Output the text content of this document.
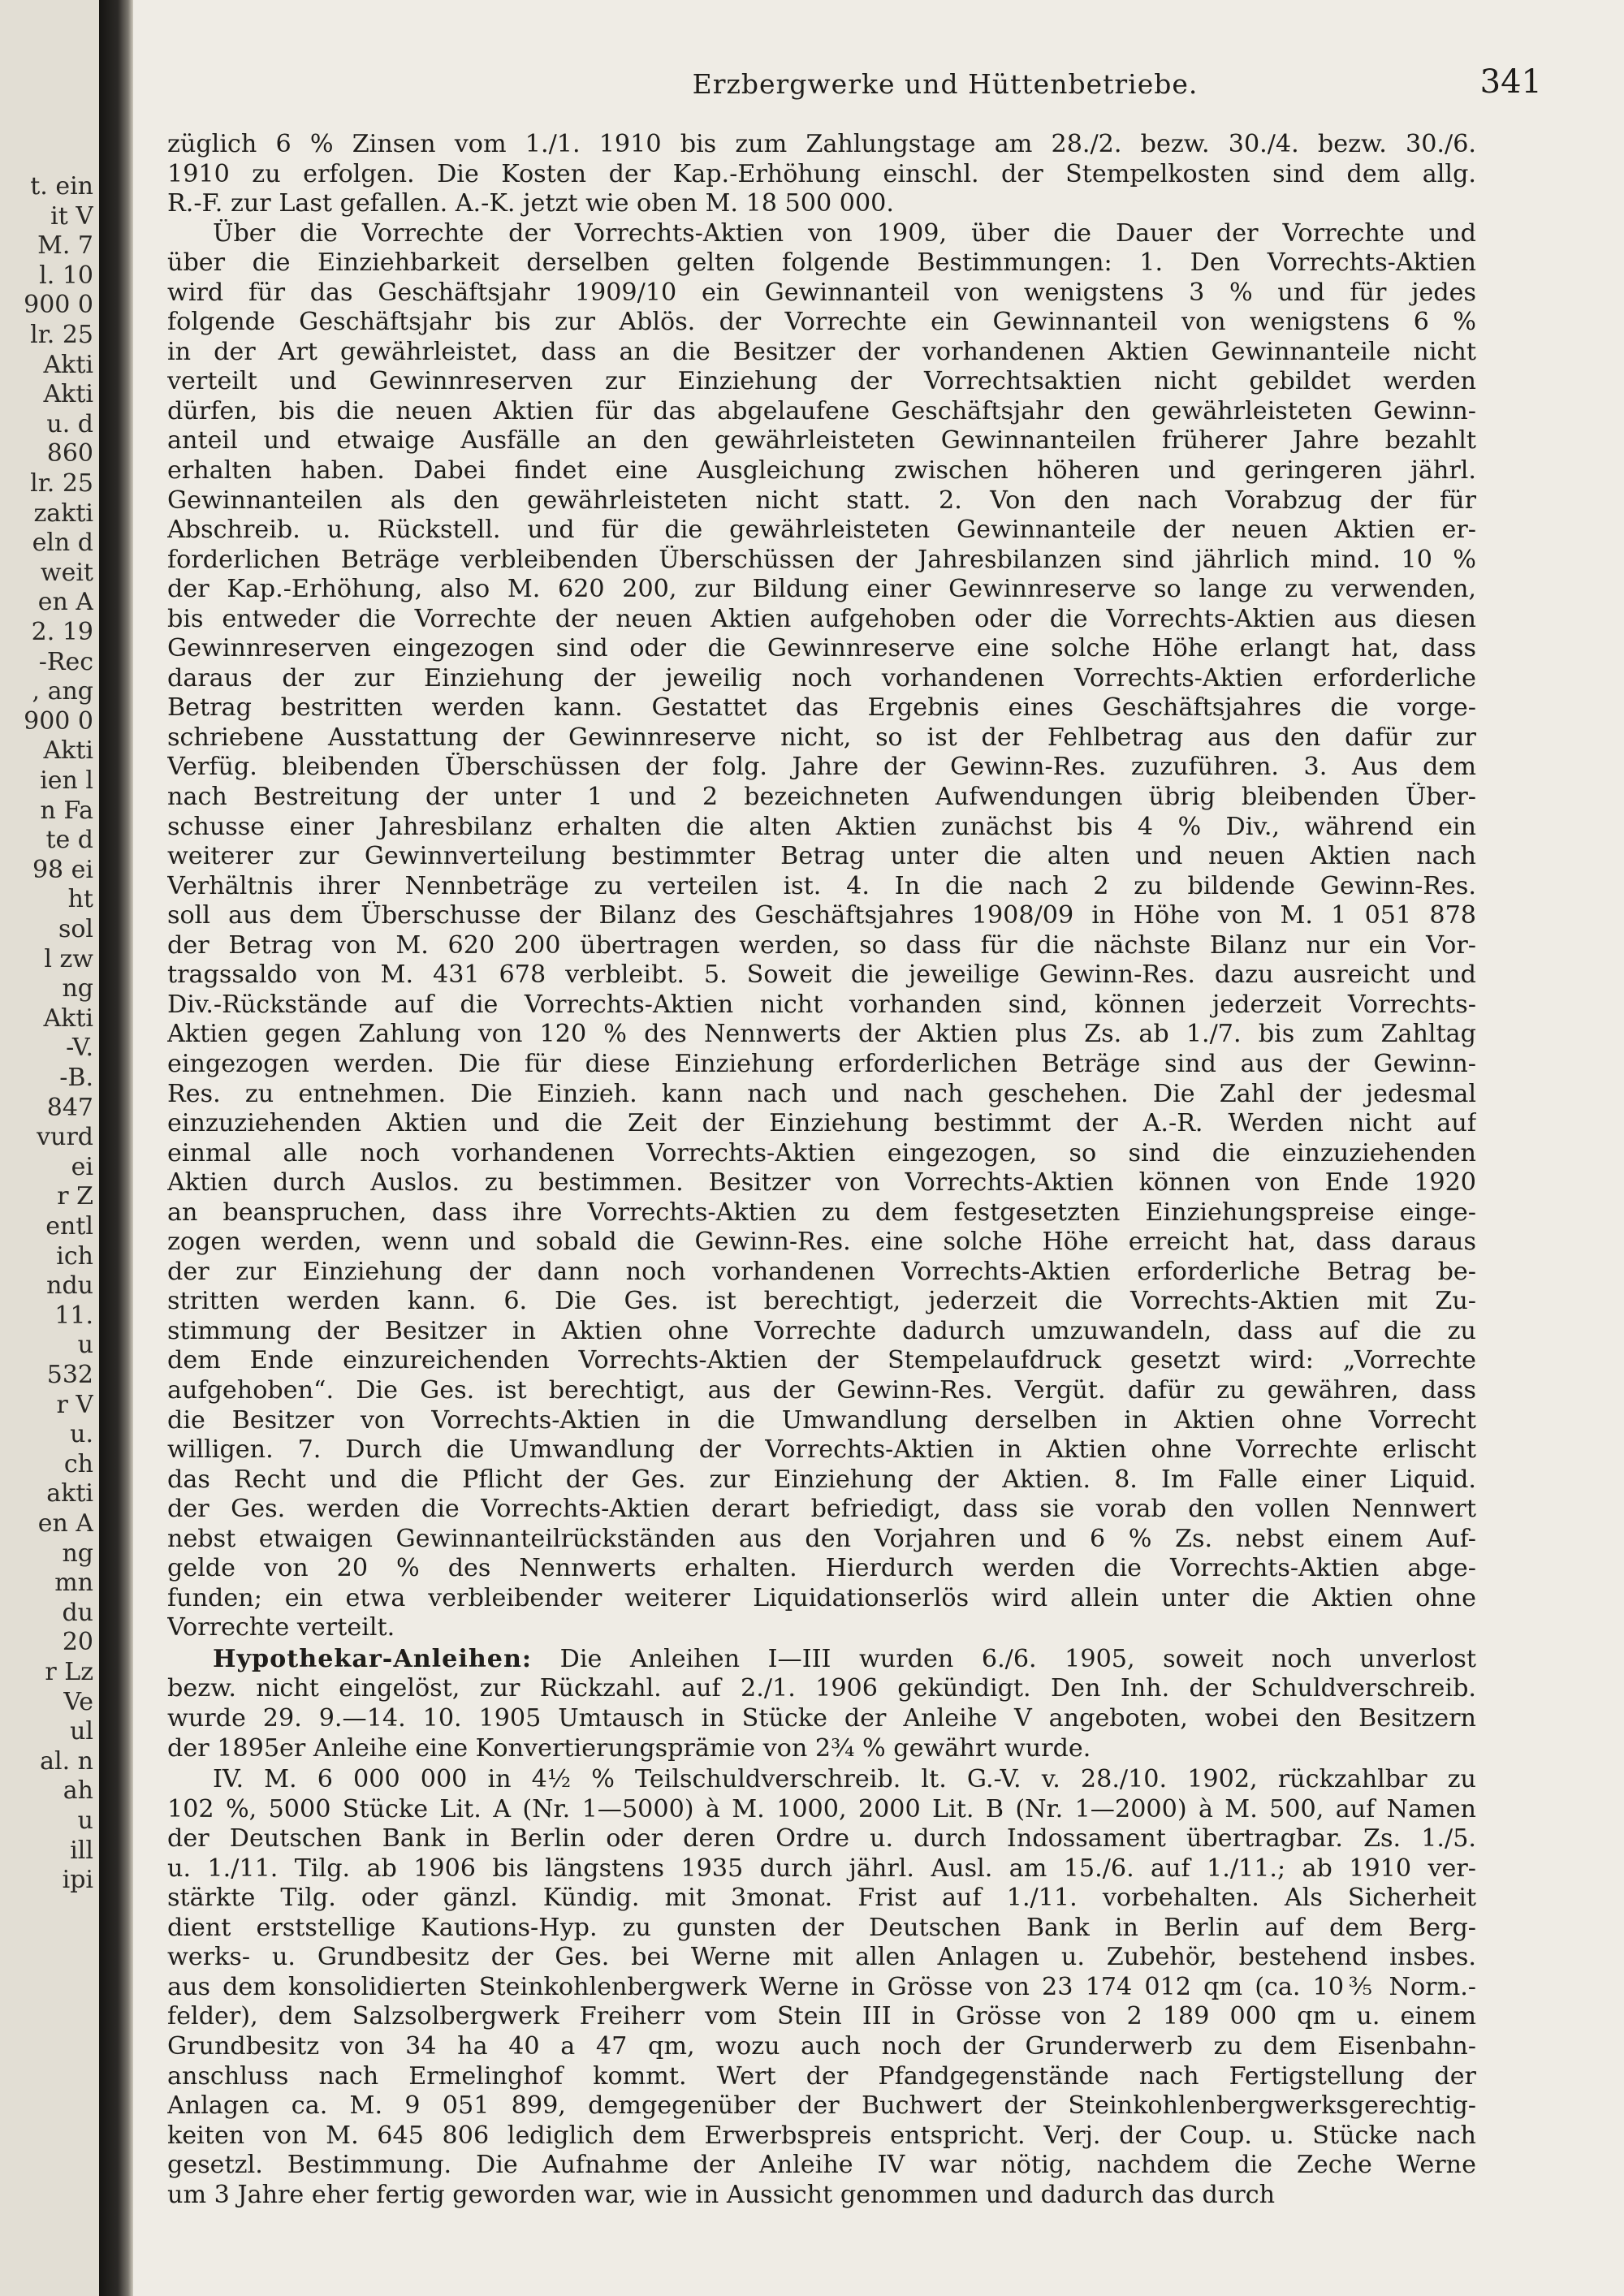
t. ein
it V
M. 7
l. 10
900 0
lr. 25
Akti
Akti
u. d
860
lr. 25
zakti
eln d
weit
en A
2. 19
-Rec
, ang
900 0
Akti
ien l
n Fa
te d
98 ei
ht
sol
l zw
ng
Akti
-V.
-B.
847
vurd
ei
r Z
entl
ich
ndu
11.
u
532
r V
u.
ch
akti
en A
ng
mn
du
20
r Lz
Ve
ul
al. n
ah
u
ill
ipi
Erzbergwerke und Hüttenbetriebe.	341
züglich 6 % Zinsen vom 1./1. 1910 bis zum Zahlungstage am 28./2. bezw. 30./4. bezw. 30./6.
1910 zu erfolgen. Die Kosten der Kap.-Erhöhung einschl. der Stempelkosten sind dem allg.
R.-F. zur Last gefallen. A.-K. jetzt wie oben M. 18 500 000.
Über die Vorrechte der Vorrechts-Aktien von 1909, über die Dauer der Vorrechte und
über die Einziehbarkeit derselben gelten folgende Bestimmungen: 1. Den Vorrechts-Aktien
wird für das Geschäftsjahr 1909/10 ein Gewinnanteil von wenigstens 3 % und für jedes
folgende Geschäftsjahr bis zur Ablös. der Vorrechte ein Gewinnanteil von wenigstens 6 %
in der Art gewährleistet, dass an die Besitzer der vorhandenen Aktien Gewinnanteile nicht
verteilt und Gewinnreserven zur Einziehung der Vorrechtsaktien nicht gebildet werden
dürfen, bis die neuen Aktien für das abgelaufene Geschäftsjahr den gewährleisteten Gewinn-
anteil und etwaige Ausfälle an den gewährleisteten Gewinnanteilen früherer Jahre bezahlt
erhalten haben. Dabei findet eine Ausgleichung zwischen höheren und geringeren jährl.
Gewinnanteilen als den gewährleisteten nicht statt. 2. Von den nach Vorabzug der für
Abschreib. u. Rückstell. und für die gewährleisteten Gewinnanteile der neuen Aktien er-
forderlichen Beträge verbleibenden Überschüssen der Jahresbilanzen sind jährlich mind. 10 %
der Kap.-Erhöhung, also M. 620 200, zur Bildung einer Gewinnreserve so lange zu verwenden,
bis entweder die Vorrechte der neuen Aktien aufgehoben oder die Vorrechts-Aktien aus diesen
Gewinnreserven eingezogen sind oder die Gewinnreserve eine solche Höhe erlangt hat, dass
daraus der zur Einziehung der jeweilig noch vorhandenen Vorrechts-Aktien erforderliche
Betrag bestritten werden kann. Gestattet das Ergebnis eines Geschäftsjahres die vorge-
schriebene Ausstattung der Gewinnreserve nicht, so ist der Fehlbetrag aus den dafür zur
Verfüg. bleibenden Überschüssen der folg. Jahre der Gewinn-Res. zuzuführen. 3. Aus dem
nach Bestreitung der unter 1 und 2 bezeichneten Aufwendungen übrig bleibenden Über-
schusse einer Jahresbilanz erhalten die alten Aktien zunächst bis 4 % Div., während ein
weiterer zur Gewinnverteilung bestimmter Betrag unter die alten und neuen Aktien nach
Verhältnis ihrer Nennbeträge zu verteilen ist. 4. In die nach 2 zu bildende Gewinn-Res.
soll aus dem Überschusse der Bilanz des Geschäftsjahres 1908/09 in Höhe von M. 1 051 878
der Betrag von M. 620 200 übertragen werden, so dass für die nächste Bilanz nur ein Vor-
tragssaldo von M. 431 678 verbleibt. 5. Soweit die jeweilige Gewinn-Res. dazu ausreicht und
Div.-Rückstände auf die Vorrechts-Aktien nicht vorhanden sind, können jederzeit Vorrechts-
Aktien gegen Zahlung von 120 % des Nennwerts der Aktien plus Zs. ab 1./7. bis zum Zahltag
eingezogen werden. Die für diese Einziehung erforderlichen Beträge sind aus der Gewinn-
Res. zu entnehmen. Die Einzieh. kann nach und nach geschehen. Die Zahl der jedesmal
einzuziehenden Aktien und die Zeit der Einziehung bestimmt der A.-R. Werden nicht auf
einmal alle noch vorhandenen Vorrechts-Aktien eingezogen, so sind die einzuziehenden
Aktien durch Auslos. zu bestimmen. Besitzer von Vorrechts-Aktien können von Ende 1920
an beanspruchen, dass ihre Vorrechts-Aktien zu dem festgesetzten Einziehungspreise einge-
zogen werden, wenn und sobald die Gewinn-Res. eine solche Höhe erreicht hat, dass daraus
der zur Einziehung der dann noch vorhandenen Vorrechts-Aktien erforderliche Betrag be-
stritten werden kann. 6. Die Ges. ist berechtigt, jederzeit die Vorrechts-Aktien mit Zu-
stimmung der Besitzer in Aktien ohne Vorrechte dadurch umzuwandeln, dass auf die zu
dem Ende einzureichenden Vorrechts-Aktien der Stempelaufdruck gesetzt wird: „Vorrechte
aufgehoben“. Die Ges. ist berechtigt, aus der Gewinn-Res. Vergüt. dafür zu gewähren, dass
die Besitzer von Vorrechts-Aktien in die Umwandlung derselben in Aktien ohne Vorrecht
willigen. 7. Durch die Umwandlung der Vorrechts-Aktien in Aktien ohne Vorrechte erlischt
das Recht und die Pflicht der Ges. zur Einziehung der Aktien. 8. Im Falle einer Liquid.
der Ges. werden die Vorrechts-Aktien derart befriedigt, dass sie vorab den vollen Nennwert
nebst etwaigen Gewinnanteilrückständen aus den Vorjahren und 6 % Zs. nebst einem Auf-
gelde von 20 % des Nennwerts erhalten. Hierdurch werden die Vorrechts-Aktien abge-
funden; ein etwa verbleibender weiterer Liquidationserlös wird allein unter die Aktien ohne
Vorrechte verteilt.
Hypothekar-Anleihen: Die Anleihen I—III wurden 6./6. 1905, soweit noch unverlost
bezw. nicht eingelöst, zur Rückzahl. auf 2./1. 1906 gekündigt. Den Inh. der Schuldverschreib.
wurde 29. 9.—14. 10. 1905 Umtausch in Stücke der Anleihe V angeboten, wobei den Besitzern
der 1895er Anleihe eine Konvertierungsprämie von 2¾ % gewährt wurde.
IV. M. 6 000 000 in 4½ % Teilschuldverschreib. lt. G.-V. v. 28./10. 1902, rückzahlbar zu
102 %, 5000 Stücke Lit. A (Nr. 1—5000) à M. 1000, 2000 Lit. B (Nr. 1—2000) à M. 500, auf Namen
der Deutschen Bank in Berlin oder deren Ordre u. durch Indossament übertragbar. Zs. 1./5.
u. 1./11. Tilg. ab 1906 bis längstens 1935 durch jährl. Ausl. am 15./6. auf 1./11.; ab 1910 ver-
stärkte Tilg. oder gänzl. Kündig. mit 3monat. Frist auf 1./11. vorbehalten. Als Sicherheit
dient erststellige Kautions-Hyp. zu gunsten der Deutschen Bank in Berlin auf dem Berg-
werks- u. Grundbesitz der Ges. bei Werne mit allen Anlagen u. Zubehör, bestehend insbes.
aus dem konsolidierten Steinkohlenbergwerk Werne in Grösse von 23 174 012 qm (ca. 10⅗ Norm.-
felder), dem Salzsolbergwerk Freiherr vom Stein III in Grösse von 2 189 000 qm u. einem
Grundbesitz von 34 ha 40 a 47 qm, wozu auch noch der Grunderwerb zu dem Eisenbahn-
anschluss nach Ermelinghof kommt. Wert der Pfandgegenstände nach Fertigstellung der
Anlagen ca. M. 9 051 899, demgegenüber der Buchwert der Steinkohlenbergwerksgerechtig-
keiten von M. 645 806 lediglich dem Erwerbspreis entspricht. Verj. der Coup. u. Stücke nach
gesetzl. Bestimmung. Die Aufnahme der Anleihe IV war nötig, nachdem die Zeche Werne
um 3 Jahre eher fertig geworden war, wie in Aussicht genommen und dadurch das durch
